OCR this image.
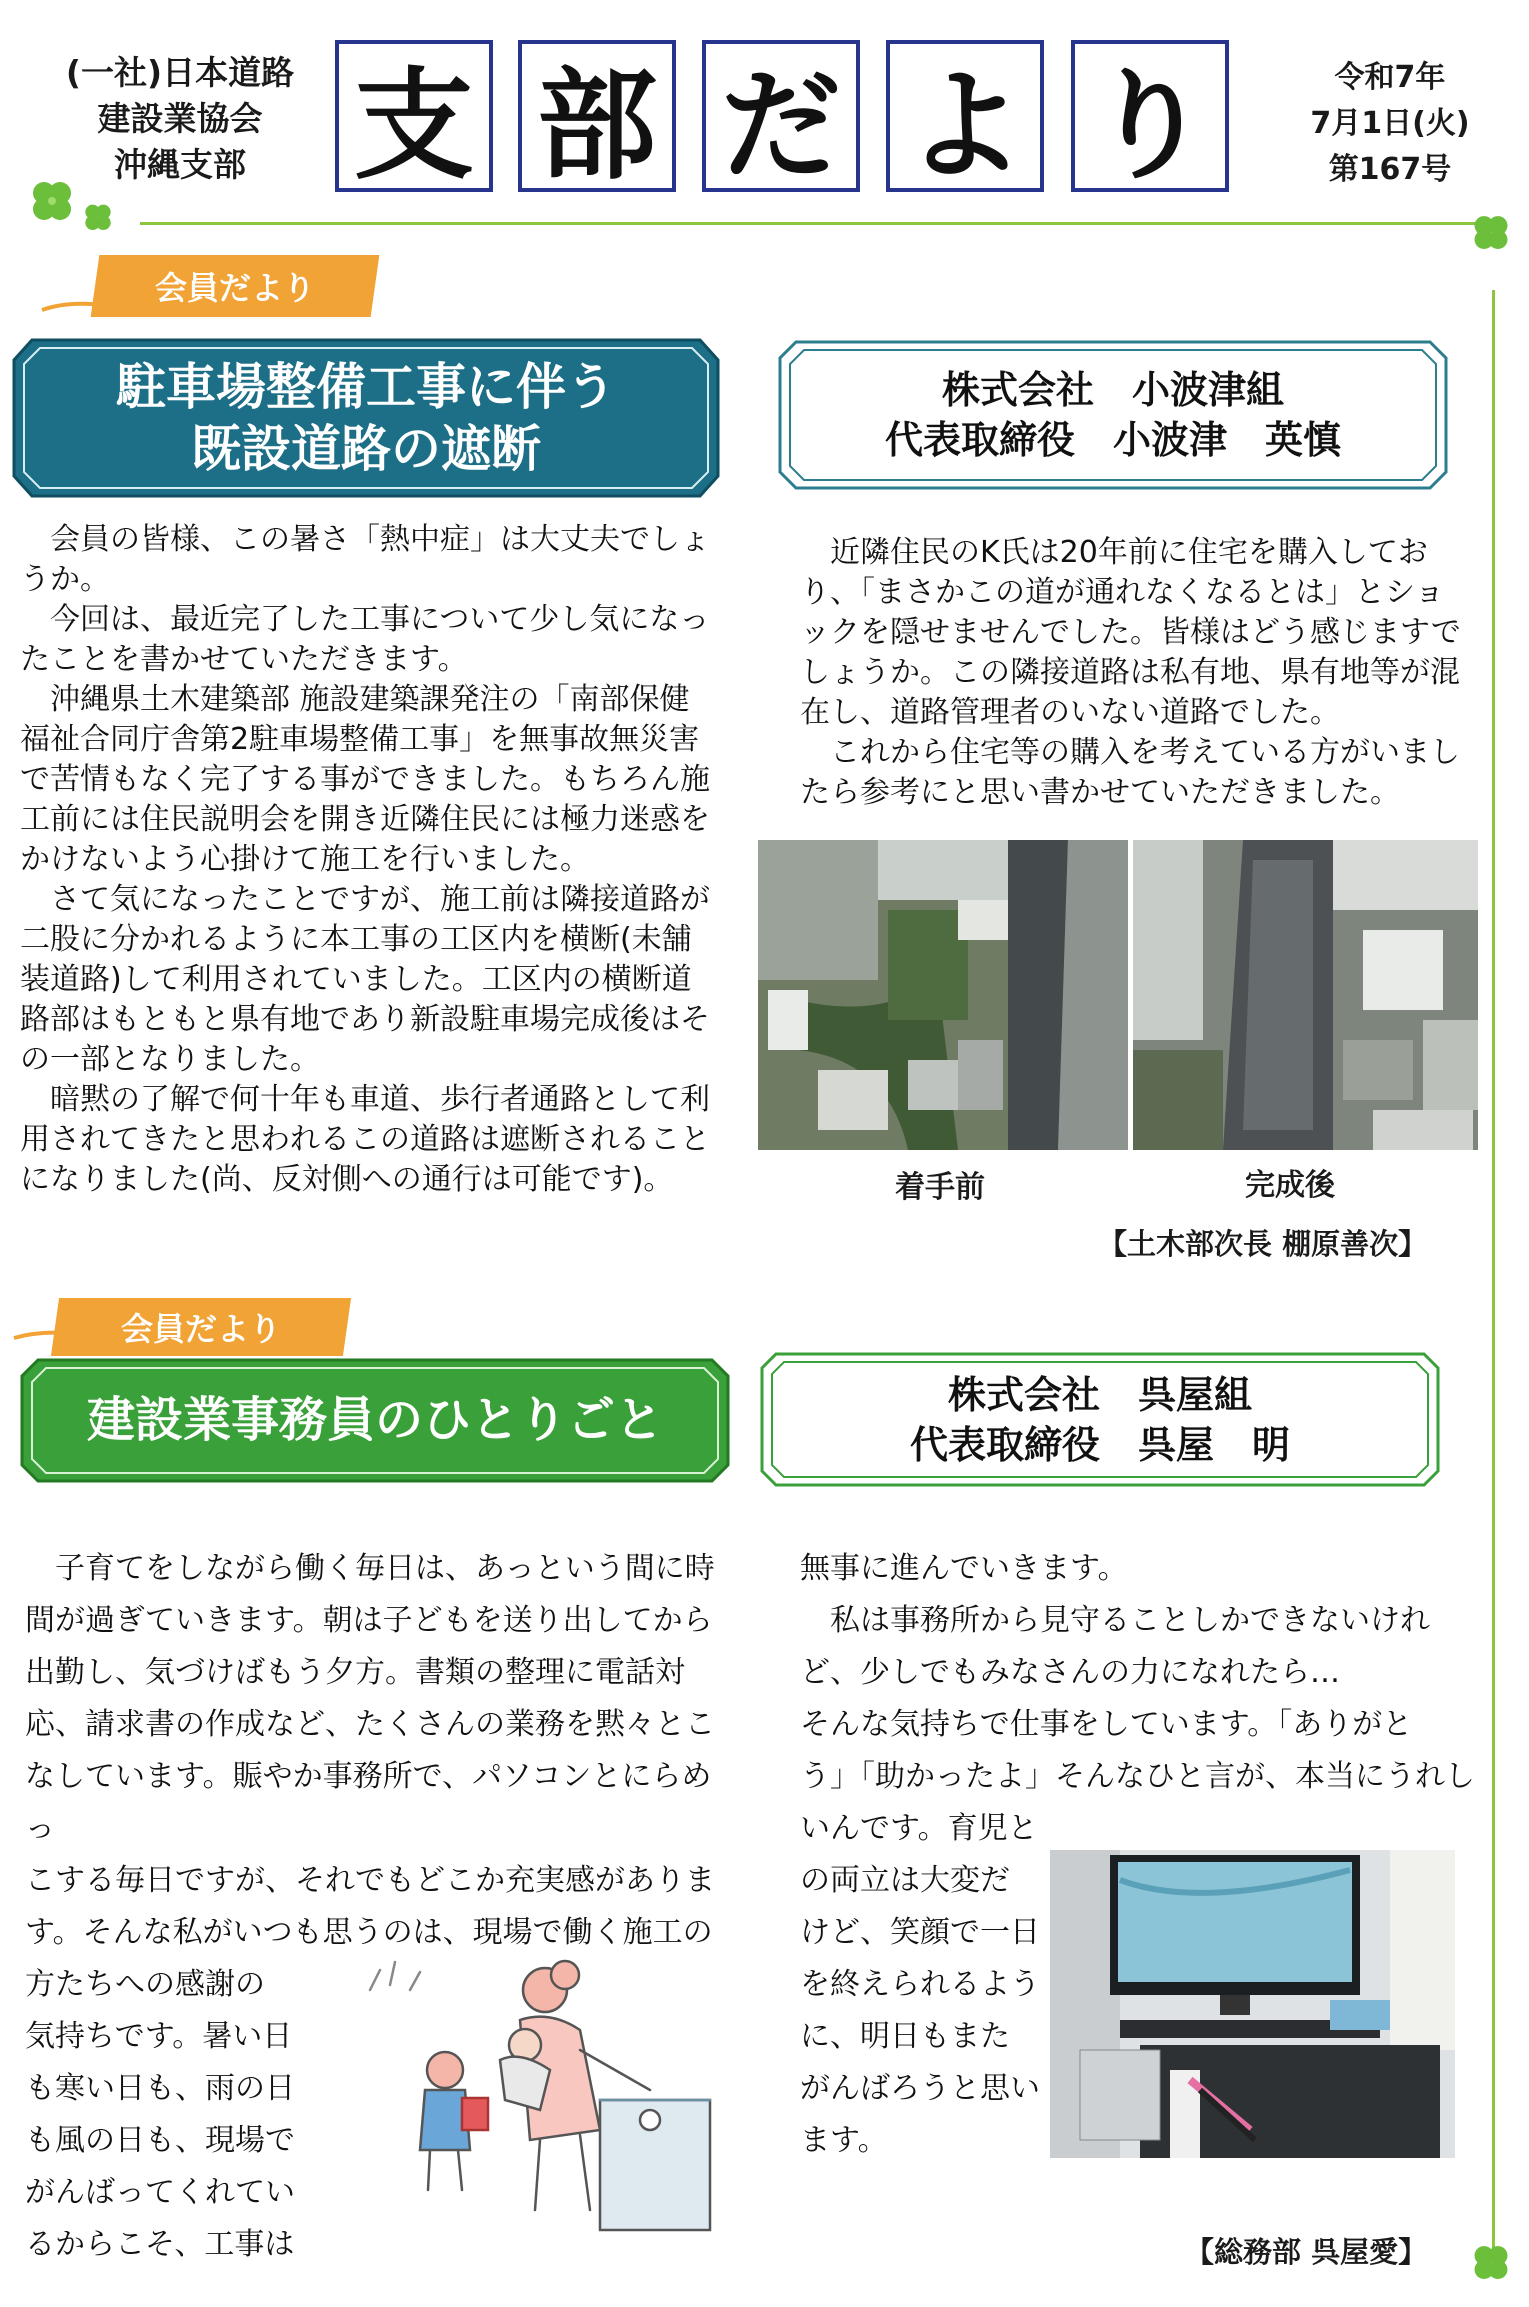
(一社)日本道路
建設業協会
沖縄支部 支 部 だ よ り	令和7年
7月1日(火)
第167号
会員だより
駐車場整備工事に伴う
既設道路の遮断
株式会社　小波津組
代表取締役　小波津　英慎

会員の皆様、この暑さ「熱中症」は大丈夫でしょうか。

今回は、最近完了した工事について少し気になったことを書かせていただきます。

沖縄県土木建築部 施設建築課発注の「南部保健福祉合同庁舎第2駐車場整備工事」を無事故無災害で苦情もなく完了する事ができました。もちろん施工前には住民説明会を開き近隣住民には極力迷惑をかけないよう心掛けて施工を行いました。

さて気になったことですが、施工前は隣接道路が二股に分かれるように本工事の工区内を横断(未舗装道路)して利用されていました。工区内の横断道路部はもともと県有地であり新設駐車場完成後はその一部となりました。

暗黙の了解で何十年も車道、歩行者通路として利用されてきたと思われるこの道路は遮断されることになりました(尚、反対側への通行は可能です)。

近隣住民のK氏は20年前に住宅を購入しており、「まさかこの道が通れなくなるとは」とショックを隠せませんでした。皆様はどう感じますでしょうか。この隣接道路は私有地、県有地等が混在し、道路管理者のいない道路でした。

これから住宅等の購入を考えている方がいましたら参考にと思い書かせていただきました。

着手前	完成後
【土木部次長 棚原善次】
会員だより
建設業事務員のひとりごと	株式会社　呉屋組
代表取締役　呉屋　明
　子育てをしながら働く毎日は、あっという間に時
間が過ぎていきます。朝は子どもを送り出してから
出勤し、気づけばもう夕方。書類の整理に電話対
応、請求書の作成など、たくさんの業務を黙々とこ
なしています。賑やか事務所で、パソコンとにらめっ
こする毎日ですが、それでもどこか充実感がありま
す。そんな私がいつも思うのは、現場で働く施工の
方たちへの感謝の
気持ちです。暑い日
も寒い日も、雨の日
も風の日も、現場で
がんばってくれてい
るからこそ、工事は
無事に進んでいきます。
　私は事務所から見守ることしかできないけれ
ど、少しでもみなさんの力になれたら…
そんな気持ちで仕事をしています。「ありがと
う」「助かったよ」そんなひと言が、本当にうれし
いんです。育児と
の両立は大変だ
けど、笑顔で一日
を終えられるよう
に、明日もまた
がんばろうと思い
ます。
【総務部 呉屋愛】
